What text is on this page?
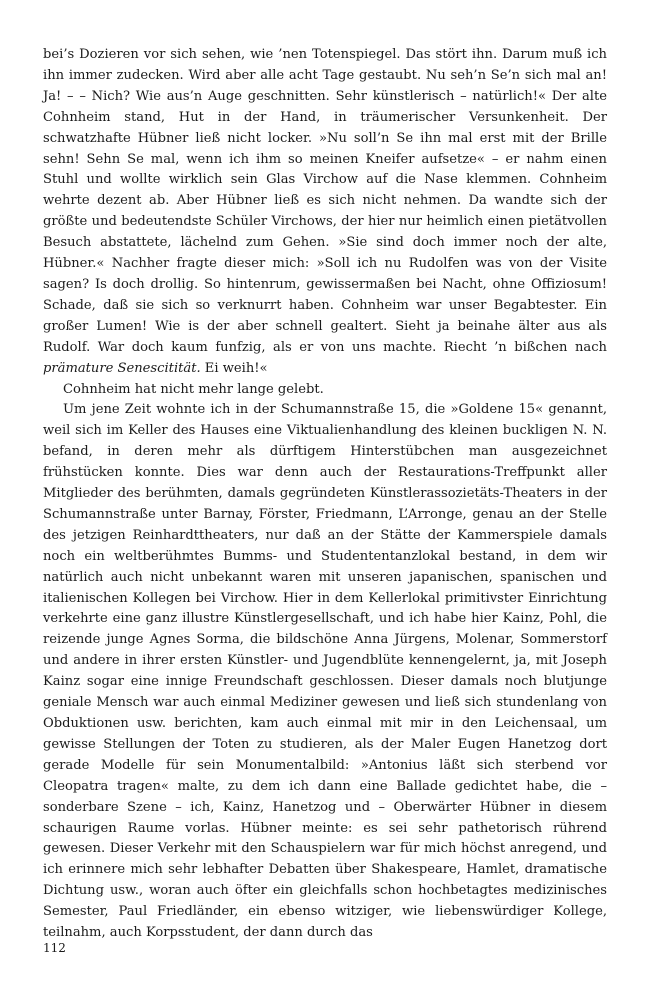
bei’s Dozieren vor sich sehen, wie ’nen Totenspiegel. Das stört ihn. Darum muß ich ihn immer zudecken. Wird aber alle acht Tage gestaubt. Nu seh’n Se’n sich mal an! Ja! – – Nich? Wie aus’n Auge geschnitten. Sehr künstlerisch – natürlich!« Der alte Cohnheim stand, Hut in der Hand, in träumerischer Versunkenheit. Der schwatzhafte Hübner ließ nicht locker. »Nu soll’n Se ihn mal erst mit der Brille sehn! Sehn Se mal, wenn ich ihm so meinen Kneifer aufsetze« – er nahm einen Stuhl und wollte wirklich sein Glas Virchow auf die Nase klemmen. Cohnheim wehrte dezent ab. Aber Hübner ließ es sich nicht nehmen. Da wandte sich der größte und bedeutendste Schüler Virchows, der hier nur heimlich einen pietätvollen Besuch abstattete, lächelnd zum Gehen. »Sie sind doch immer noch der alte, Hübner.« Nachher fragte dieser mich: »Soll ich nu Rudolfen was von der Visite sagen? Is doch drollig. So hintenrum, gewissermaßen bei Nacht, ohne Offiziosum! Schade, daß sie sich so verknurrt haben. Cohnheim war unser Begabtester. Ein großer Lumen! Wie is der aber schnell gealtert. Sieht ja beinahe älter aus als Rudolf. War doch kaum funfzig, als er von uns machte. Riecht ’n bißchen nach prämature Senescitität. Ei weih!«

Cohnheim hat nicht mehr lange gelebt.

Um jene Zeit wohnte ich in der Schumannstraße 15, die »Goldene 15« genannt, weil sich im Keller des Hauses eine Viktualienhandlung des kleinen buckligen N. N. befand, in deren mehr als dürftigem Hinterstübchen man ausgezeichnet frühstücken konnte. Dies war denn auch der Restaurations-Treffpunkt aller Mitglieder des berühmten, damals gegründeten Künstlerassozietäts-Theaters in der Schumannstraße unter Barnay, Förster, Friedmann, L’Arronge, genau an der Stelle des jetzigen Reinhardttheaters, nur daß an der Stätte der Kammerspiele damals noch ein weltberühmtes Bumms- und Studententanzlokal bestand, in dem wir natürlich auch nicht unbekannt waren mit unseren japanischen, spanischen und italienischen Kollegen bei Virchow. Hier in dem Kellerlokal primitivster Einrichtung verkehrte eine ganz illustre Künstlergesellschaft, und ich habe hier Kainz, Pohl, die reizende junge Agnes Sorma, die bildschöne Anna Jürgens, Molenar, Sommerstorf und andere in ihrer ersten Künstler- und Jugendblüte kennengelernt, ja, mit Joseph Kainz sogar eine innige Freundschaft geschlossen. Dieser damals noch blutjunge geniale Mensch war auch einmal Mediziner gewesen und ließ sich stundenlang von Obduktionen usw. berichten, kam auch einmal mit mir in den Leichensaal, um gewisse Stellungen der Toten zu studieren, als der Maler Eugen Hanetzog dort gerade Modelle für sein Monumentalbild: »Antonius läßt sich sterbend vor Cleopatra tragen« malte, zu dem ich dann eine Ballade gedichtet habe, die – sonderbare Szene – ich, Kainz, Hanetzog und – Oberwärter Hübner in diesem schaurigen Raume vorlas. Hübner meinte: es sei sehr pathetorisch rührend gewesen. Dieser Verkehr mit den Schauspielern war für mich höchst anregend, und ich erinnere mich sehr lebhafter Debatten über Shakespeare, Hamlet, dramatische Dichtung usw., woran auch öfter ein gleichfalls schon hochbetagtes medizinisches Semester, Paul Friedländer, ein ebenso witziger, wie liebenswürdiger Kollege, teilnahm, auch Korpsstudent, der dann durch das

112
